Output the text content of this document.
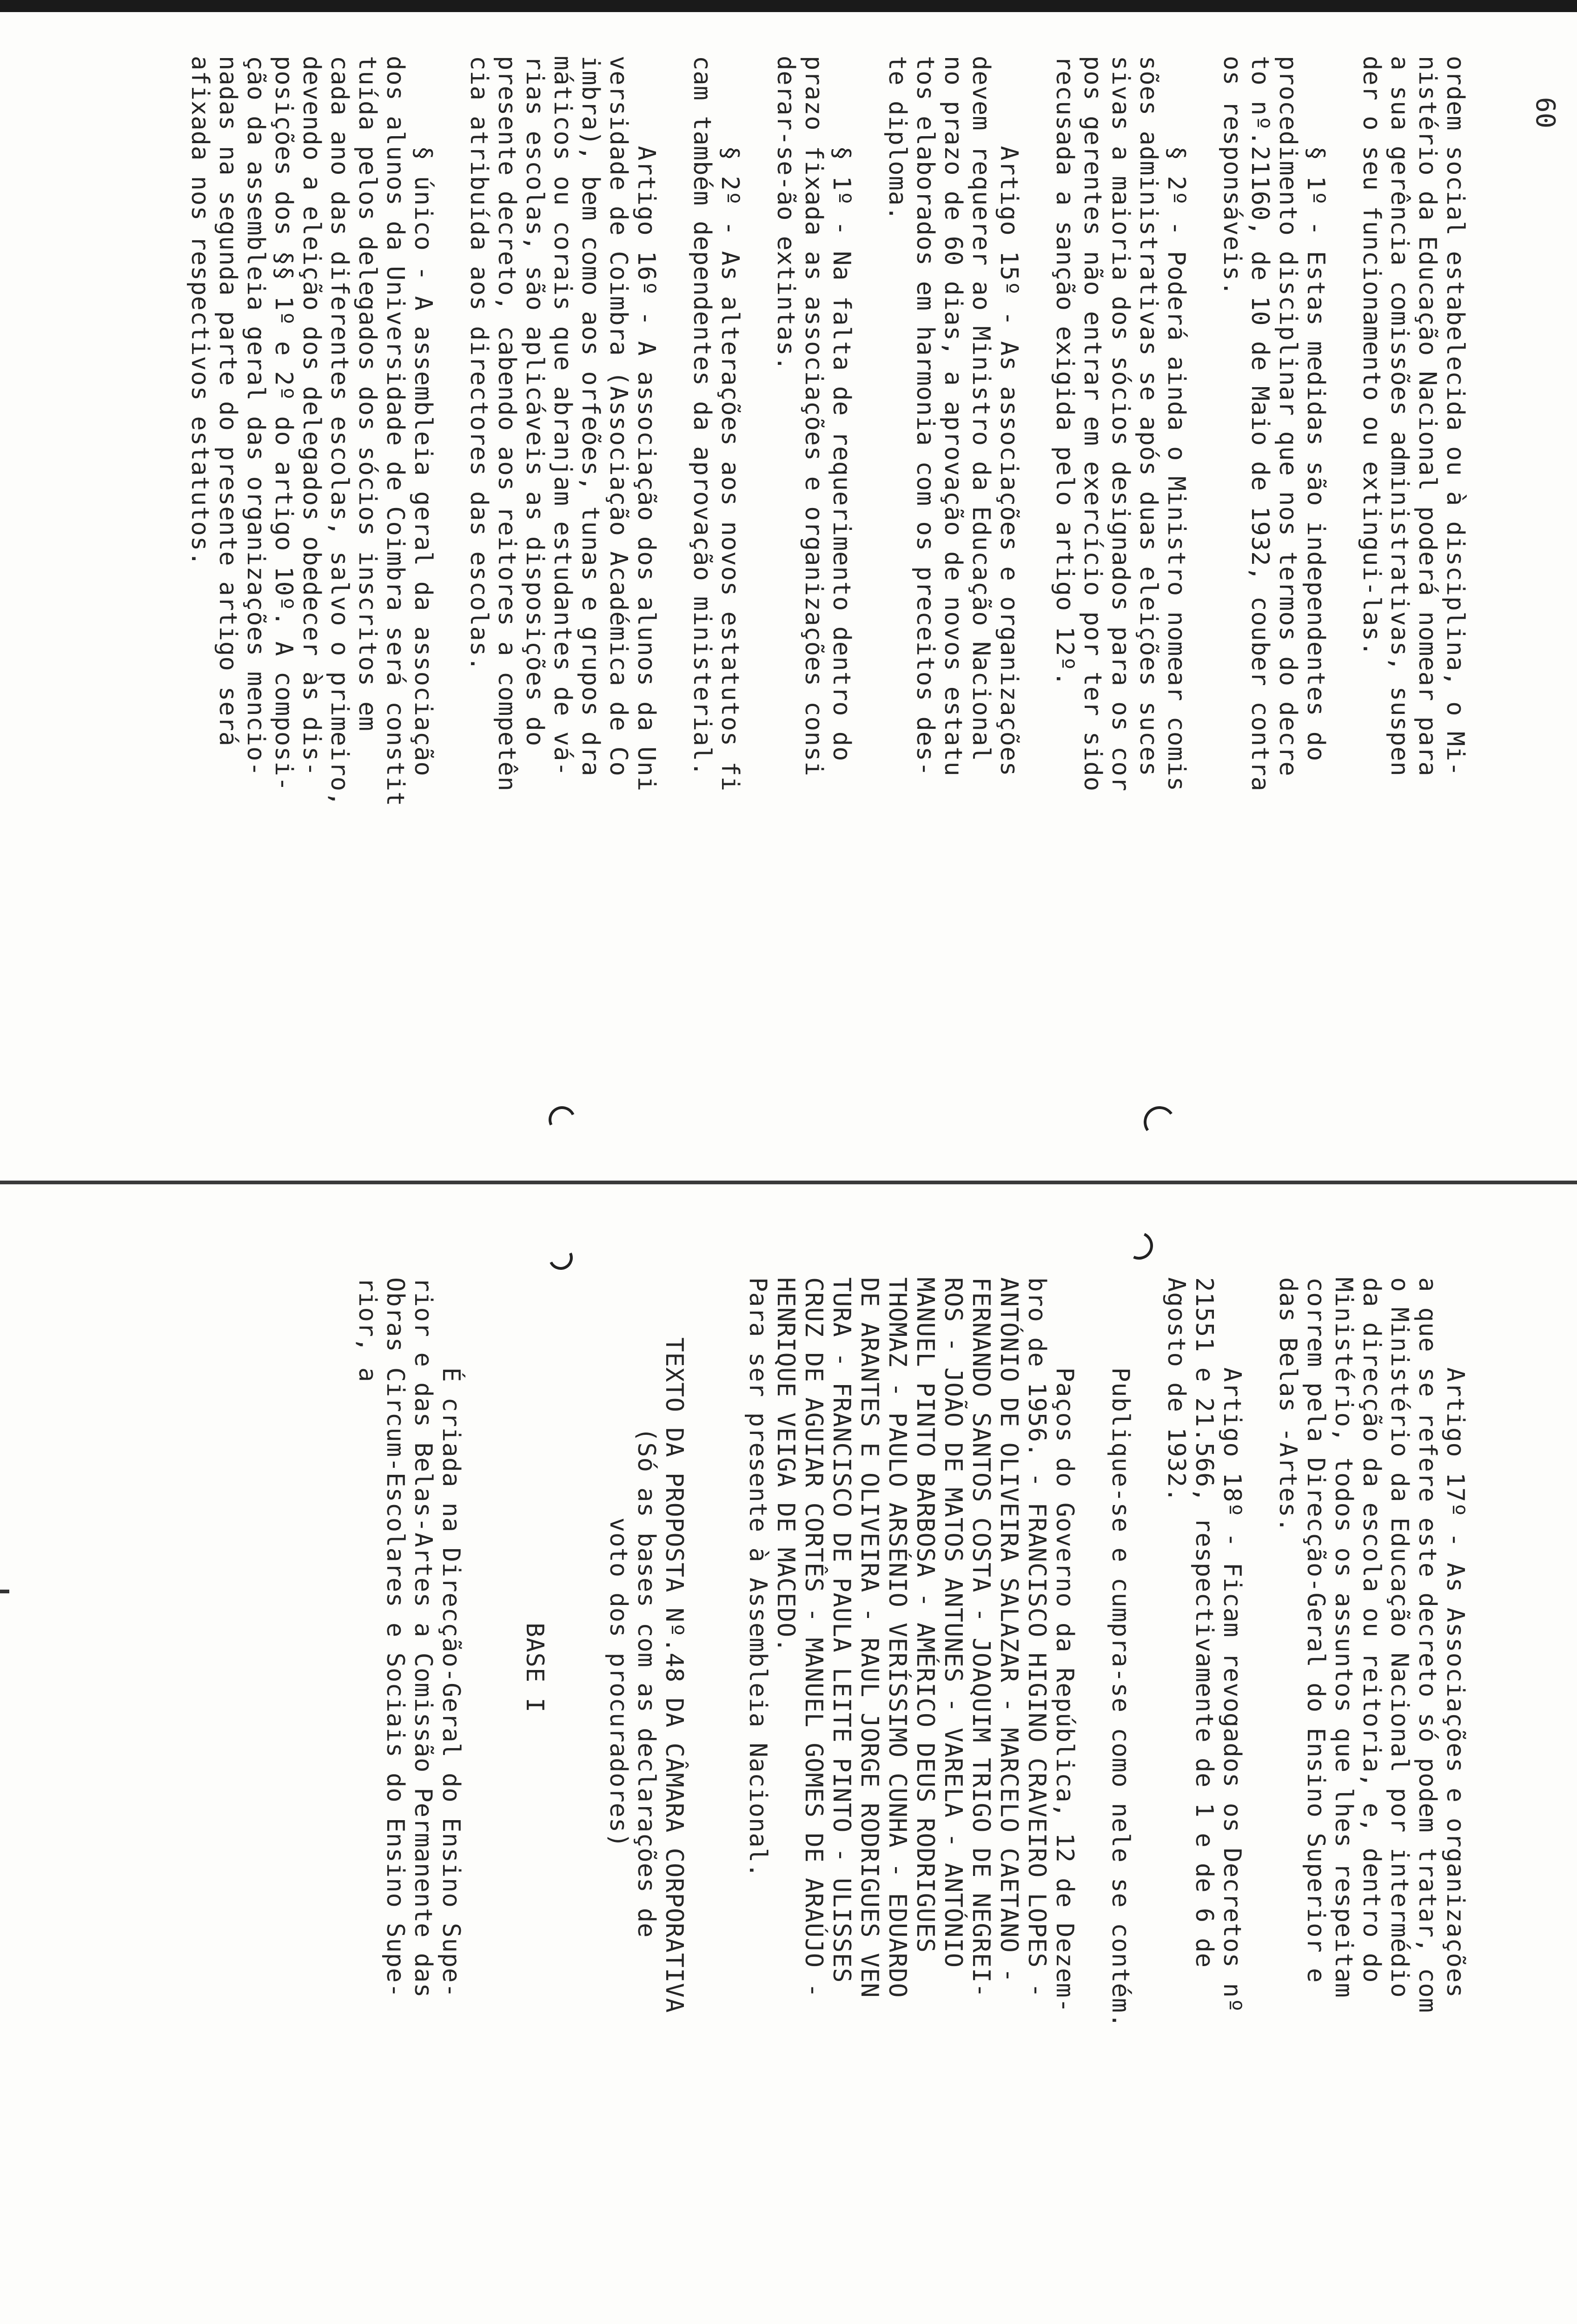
ordem social estabelecida ou à disciplina, o Mi-
nistério da Educação Nacional poderá nomear para
a sua gerência comissões administrativas, suspen
der o seu funcionamento ou extingui-las.

§ 1º - Estas medidas são independentes do
procedimento disciplinar que nos termos do decre
to nº.21160, de 10 de Maio de 1932, couber contra
os responsáveis.

§ 2º - Poderá ainda o Ministro nomear comis
sões administrativas se após duas eleições suces
sivas a maioria dos sócios designados para os cor
pos gerentes não entrar em exercício por ter sido
recusada a sanção exigida pelo artigo 12º.

Artigo 15º - As associações e organizações
devem requerer ao Ministro da Educação Nacional
no prazo de 60 dias, a aprovação de novos estatu
tos elaborados em harmonia com os preceitos des-
te diploma.

§ 1º - Na falta de requerimento dentro do
prazo fixada as associações e organizações consi
derar-se-ão extintas.

§ 2º - As alterações aos novos estatutos fi
cam também dependentes da aprovação ministerial.

Artigo 16º - A associação dos alunos da Uni
versidade de Coimbra (Associação Académica de Co
imbra), bem como aos orfeões, tunas e grupos dra
máticos ou corais que abranjam estudantes de vá-
rias escolas, são aplicáveis as disposições do
presente decreto, cabendo aos reitores a competên
cia atribuída aos directores das escolas.

§ único - A assembleia geral da associação
dos alunos da Universidade de Coimbra será constit
tuída pelos delegados dos sócios inscritos em
cada ano das diferentes escolas, salvo o primeiro,
devendo a eleição dos delegados obedecer às dis-
posições dos §§ 1º e 2º do artigo 10º. A composi-
ção da assembleia geral das organizações mencio-
nadas na segunda parte do presente artigo será
afixada nos respectivos estatutos.
Artigo 17º - As Associações e organizações
a que se refere este decreto só podem tratar, com
o Ministério da Educação Nacional por intermédio
da direcção da escola ou reitoria, e, dentro do
Ministério, todos os assuntos que lhes respeitam
correm pela Direcção-Geral do Ensino Superior e
das Belas -Artes.

Artigo 18º - Ficam revogados os Decretos nº
21551 e 21.566, respectivamente de 1 e de 6 de
Agosto de 1932.

Publique-se e cumpra-se como nele se contém.

Paços do Governo da República, 12 de Dezem-
bro de 1956. - FRANCISCO HIGINO CRAVEIRO LOPES -
ANTÓNIO DE OLIVEIRA SALAZAR - MARCELO CAETANO -
FERNANDO SANTOS COSTA - JOAQUIM TRIGO DE NEGREI-
ROS - JOÃO DE MATOS ANTUNES - VARELA - ANTÓNIO
MANUEL PINTO BARBOSA - AMÉRICO DEUS RODRIGUES
THOMAZ - PAULO ARSÉNIO VERÍSSIMO CUNHA - EDUARDO
DE ARANTES E OLIVEIRA - RAUL JORGE RODRIGUES VEN
TURA - FRANCISCO DE PAULA LEITE PINTO - ULISSES
CRUZ DE AGUIAR CORTÊS - MANUEL GOMES DE ARAÚJO -
HENRIQUE VEIGA DE MACEDO.
Para ser presente à Assembleia Nacional.

TEXTO DA PROPOSTA Nº.48 DA CÂMARA CORPORATIVA
(Só as bases com as declarações de
voto dos procuradores)

BASE I

É criada na Direcção-Geral do Ensino Supe-
rior e das Belas-Artes a Comissão Permanente das
Obras Circum-Escolares e Sociais do Ensino Supe-
rior, a
60
